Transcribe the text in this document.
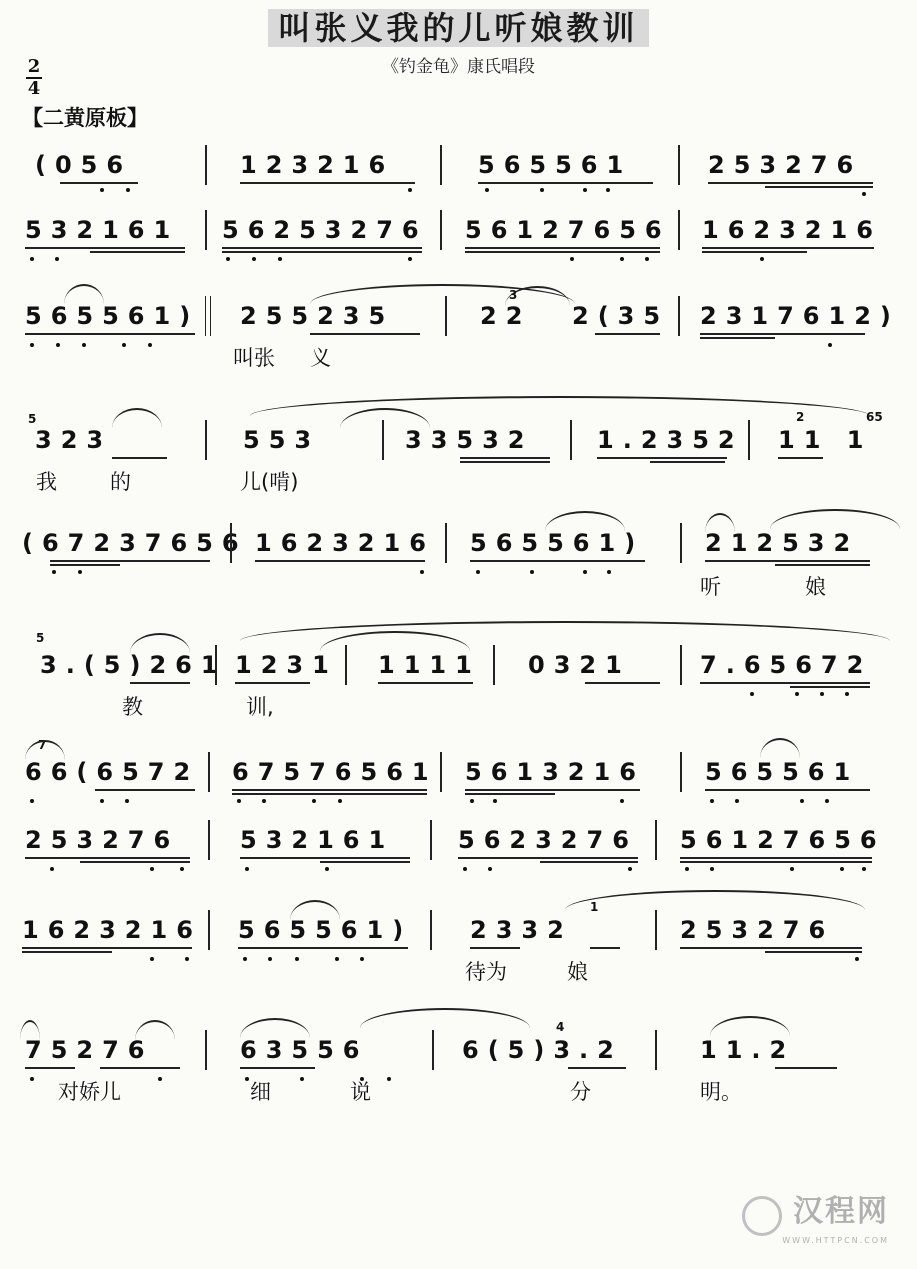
叫张义我的儿听娘教训
《钓金龟》康氏唱段
2
4
【二黄原板】
(056	123216	565561	253276
532161 56253276 56127656 1623216
565561) 255235	22 2(35 2317612)
3
叫张 义
5
323	553	33532	1.2352 11 1
2	65
我	的	儿(啃)
(67237656 1623216 565561)	212532
听	娘
5
3.(5)261 1231 1111 0321	7.65672
教	训,
7
66(6572 67576561 5613216	565561
253276	532161	5623276 56127656
1623216 565561) 2332
1
253276
待为	娘
75276	63556	6(5)3.2
4
11.2
对娇儿	细	说	分	明。
汉程网
WWW.HTTPCN.COM
